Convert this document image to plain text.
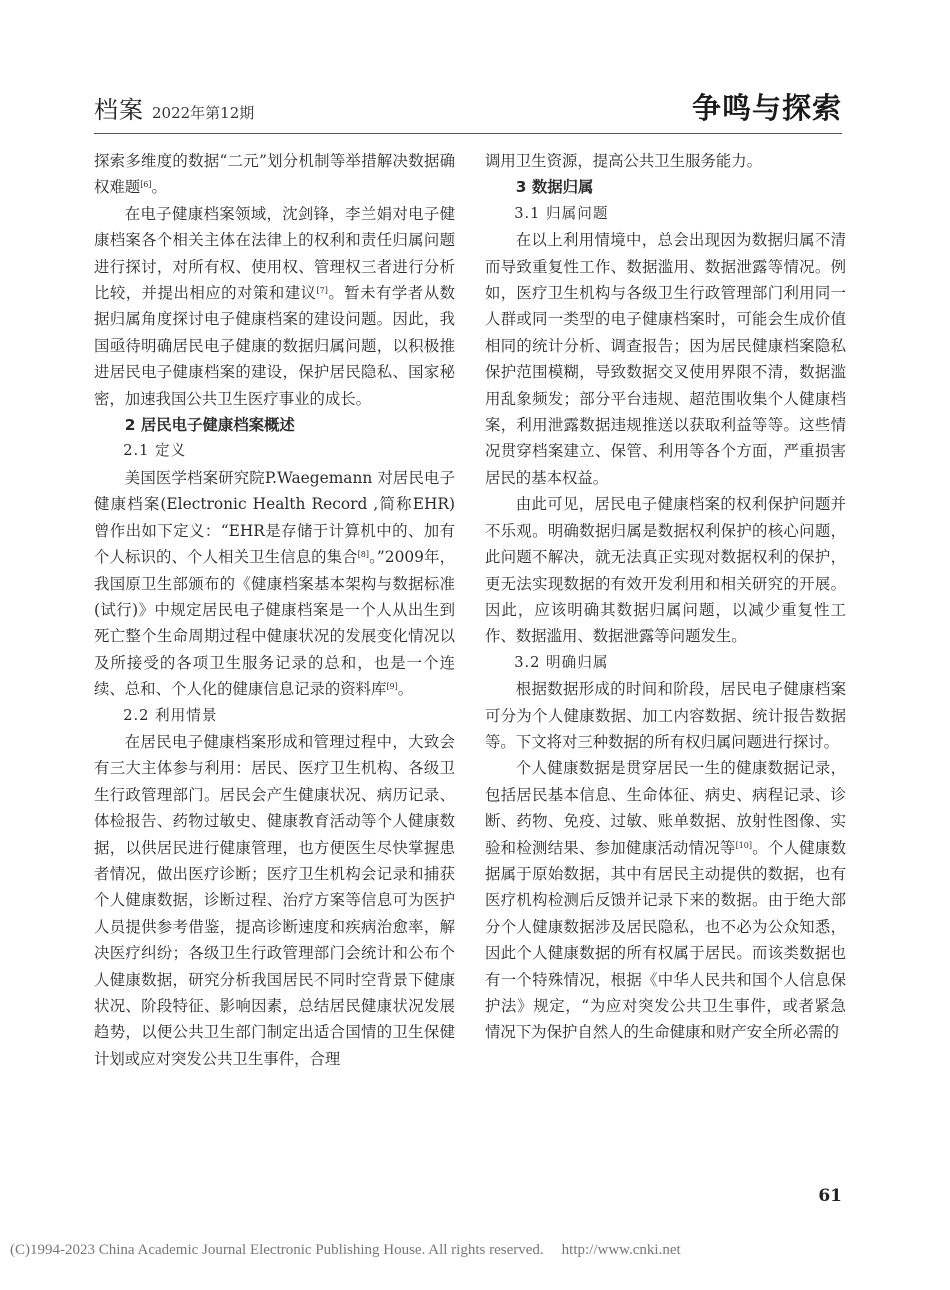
档案 2022年第12期	争鸣与探索

探索多维度的数据“二元”划分机制等举措解决数据确权难题[6]。

在电子健康档案领域，沈剑锋，李兰娟对电子健康档案各个相关主体在法律上的权利和责任归属问题进行探讨，对所有权、使用权、管理权三者进行分析比较，并提出相应的对策和建议[7]。暂未有学者从数据归属角度探讨电子健康档案的建设问题。因此，我国亟待明确居民电子健康的数据归属问题，以积极推进居民电子健康档案的建设，保护居民隐私、国家秘密，加速我国公共卫生医疗事业的成长。

2 居民电子健康档案概述
2.1 定义

美国医学档案研究院P.Waegemann 对居民电子健康档案(Electronic Health Record ,简称EHR)曾作出如下定义：“EHR是存储于计算机中的、加有个人标识的、个人相关卫生信息的集合[8]。”2009年，我国原卫生部颁布的《健康档案基本架构与数据标准(试行)》中规定居民电子健康档案是一个人从出生到死亡整个生命周期过程中健康状况的发展变化情况以及所接受的各项卫生服务记录的总和，也是一个连续、总和、个人化的健康信息记录的资料库[9]。

2.2 利用情景

在居民电子健康档案形成和管理过程中，大致会有三大主体参与利用：居民、医疗卫生机构、各级卫生行政管理部门。居民会产生健康状况、病历记录、体检报告、药物过敏史、健康教育活动等个人健康数据，以供居民进行健康管理，也方便医生尽快掌握患者情况，做出医疗诊断；医疗卫生机构会记录和捕获个人健康数据，诊断过程、治疗方案等信息可为医护人员提供参考借鉴，提高诊断速度和疾病治愈率，解决医疗纠纷；各级卫生行政管理部门会统计和公布个人健康数据，研究分析我国居民不同时空背景下健康状况、阶段特征、影响因素，总结居民健康状况发展趋势，以便公共卫生部门制定出适合国情的卫生保健计划或应对突发公共卫生事件，合理

调用卫生资源，提高公共卫生服务能力。

3 数据归属
3.1 归属问题

在以上利用情境中，总会出现因为数据归属不清而导致重复性工作、数据滥用、数据泄露等情况。例如，医疗卫生机构与各级卫生行政管理部门利用同一人群或同一类型的电子健康档案时，可能会生成价值相同的统计分析、调查报告；因为居民健康档案隐私保护范围模糊，导致数据交叉使用界限不清，数据滥用乱象频发；部分平台违规、超范围收集个人健康档案，利用泄露数据违规推送以获取利益等等。这些情况贯穿档案建立、保管、利用等各个方面，严重损害居民的基本权益。

由此可见，居民电子健康档案的权利保护问题并不乐观。明确数据归属是数据权利保护的核心问题，此问题不解决，就无法真正实现对数据权利的保护，更无法实现数据的有效开发利用和相关研究的开展。因此，应该明确其数据归属问题，以减少重复性工作、数据滥用、数据泄露等问题发生。

3.2 明确归属

根据数据形成的时间和阶段，居民电子健康档案可分为个人健康数据、加工内容数据、统计报告数据等。下文将对三种数据的所有权归属问题进行探讨。

个人健康数据是贯穿居民一生的健康数据记录，包括居民基本信息、生命体征、病史、病程记录、诊断、药物、免疫、过敏、账单数据、放射性图像、实验和检测结果、参加健康活动情况等[10]。个人健康数据属于原始数据，其中有居民主动提供的数据，也有医疗机构检测后反馈并记录下来的数据。由于绝大部分个人健康数据涉及居民隐私，也不必为公众知悉，因此个人健康数据的所有权属于居民。而该类数据也有一个特殊情况，根据《中华人民共和国个人信息保护法》规定，“为应对突发公共卫生事件，或者紧急情况下为保护自然人的生命健康和财产安全所必需的

61
(C)1994-2023 China Academic Journal Electronic Publishing House. All rights reserved. http://www.cnki.net
